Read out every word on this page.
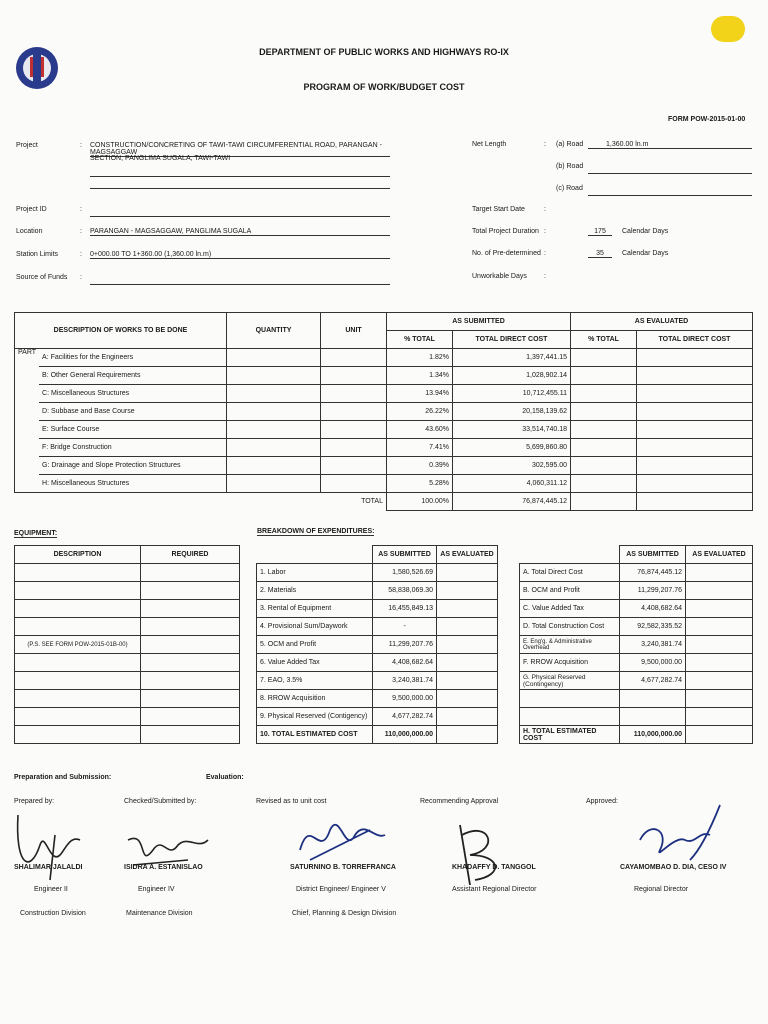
DEPARTMENT OF PUBLIC WORKS AND HIGHWAYS RO-IX
PROGRAM OF WORK/BUDGET COST
FORM POW-2015-01-00
Project	: CONSTRUCTION/CONCRETING OF TAWI-TAWI CIRCUMFERENTIAL ROAD, PARANGAN - MAGSAGGAW
SECTION, PANGLIMA SUGALA, TAWI-TAWI
Project ID	:
Location	: PARANGAN - MAGSAGGAW, PANGLIMA SUGALA
Station Limits	: 0+000.00 TO 1+360.00 (1,360.00 ln.m)
Source of Funds :
Net Length	: (a) Road	1,360.00 ln.m
(b) Road
(c) Road
Target Start Date	:
Total Project Duration :	175	Calendar Days
No. of Pre-determined :	35	Calendar Days
Unworkable Days :
DESCRIPTION OF WORKS TO BE DONE		QUANTITY	UNIT	AS SUBMITTED		AS EVALUATED	
				% TOTAL	TOTAL DIRECT COST	% TOTAL	TOTAL DIRECT COST
PART	A: Facilities for the Engineers			1.82%	1,397,441.15		
	B: Other General Requirements			1.34%	1,028,902.14		
	C: Miscellaneous Structures			13.94%	10,712,455.11		
	D: Subbase and Base Course			26.22%	20,158,139.62		
	E: Surface Course			43.60%	33,514,740.18		
	F: Bridge Construction			7.41%	5,699,860.80		
	G: Drainage and Slope Protection Structures			0.39%	302,595.00		
	H: Miscellaneous Structures			5.28%	4,060,311.12		
TOTAL				100.00%	76,874,445.12		
EQUIPMENT:
DESCRIPTION	REQUIRED

(P.S. SEE FORM POW-2015-01B-00)	

BREAKDOWN OF EXPENDITURES:
	AS SUBMITTED	AS EVALUATED
1. Labor	1,580,526.69	
2. Materials	58,838,069.30	
3. Rental of Equipment	16,455,849.13	
4. Provisional Sum/Daywork	-	
5. OCM and Profit	11,299,207.76	
6. Value Added Tax	4,408,682.64	
7. EAO, 3.5%	3,240,381.74	
8. RROW Acquisition	9,500,000.00	
9. Physical Reserved (Contigency)	4,677,282.74	
10. TOTAL ESTIMATED COST	110,000,000.00	
	AS SUBMITTED	AS EVALUATED
A. Total Direct Cost	76,874,445.12	
B. OCM and Profit	11,299,207.76	
C. Value Added Tax	4,408,682.64	
D. Total Construction Cost	92,582,335.52	
E. Eng'g. & Administrative Overhead	3,240,381.74	
F. RROW Acquisition	9,500,000.00	
G. Physical Reserved (Contingency)	4,677,282.74	

H. TOTAL ESTIMATED COST	110,000,000.00	
Preparation and Submission:	Evaluation:
Prepared by:	Checked/Submitted by:	Revised as to unit cost	Recommending Approval	Approved:
SHALIMAR JALALDI
Engineer II
Construction Division
ISIDRA A. ESTANISLAO
Engineer IV
Maintenance Division
SATURNINO B. TORREFRANCA
District Engineer/ Engineer V
Chief, Planning & Design Division
KHADAFFY D. TANGGOL
Assistant Regional Director
CAYAMOMBAO D. DIA, CESO IV
Regional Director
